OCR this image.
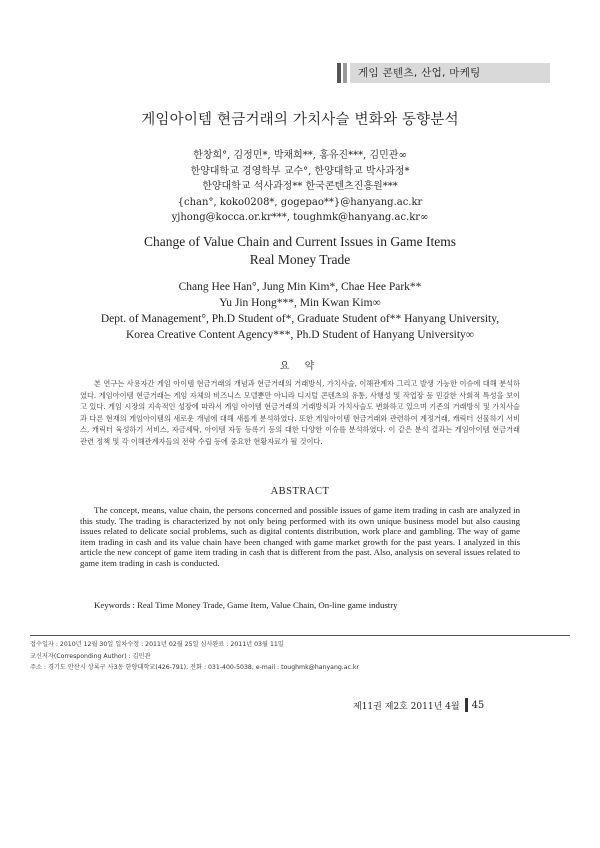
게임 콘텐츠, 산업, 마케팅
게임아이템 현금거래의 가치사슬 변화와 동향분석
한창희°, 김정민*, 박채희**, 홍유진***, 김민관∞
한양대학교 경영학부 교수°, 한양대학교 박사과정*
한양대학교 석사과정** 한국콘텐츠진흥원***
{chan°, koko0208*, gogepao**}@hanyang.ac.kr
yjhong@kocca.or.kr***, toughmk@hanyang.ac.kr∞
Change of Value Chain and Current Issues in Game Items
Real Money Trade
Chang Hee Han°, Jung Min Kim*, Chae Hee Park**
Yu Jin Hong***, Min Kwan Kim∞
Dept. of Management°, Ph.D Student of*, Graduate Student of** Hanyang University,
Korea Creative Content Agency***, Ph.D Student of Hanyang University∞
요 약

본 연구는 사용자간 게임 아이템 현금거래의 개념과 현금거래의 거래방식, 가치사슬, 이해관계자 그리고 발생 가능한 이슈에 대해 분석하였다. 게임아이템 현금거래는 게임 자체의 비즈니스 모델뿐만 아니라 디지털 콘텐츠의 유통, 사행성 및 작업장 등 민감한 사회적 특성을 보이고 있다. 게임 시장의 지속적인 성장에 따라서 게임 아이템 현금거래의 거래방식과 가치사슬도 변화하고 있으며 기존의 거래방식 및 가치사슬과 다른 현재의 게임아이템의 새로운 개념에 대해 새롭게 분석하였다. 또한 게임아이템 현금거래와 관련하여 계정거래, 캐릭터 선물하기 서비스, 캐릭터 육성하기 서비스, 자금세탁, 아이템 자동 등록기 등의 대한 다양한 이슈를 분석하였다. 이 같은 분석 결과는 게임아이템 현금거래 관련 정책 및 각 이해관계자들의 전략 수립 등에 중요한 현황자료가 될 것이다.

ABSTRACT

The concept, means, value chain, the persons concerned and possible issues of game item trading in cash are analyzed in this study. The trading is characterized by not only being performed with its own unique business model but also causing issues related to delicate social problems, such as digital contents distribution, work place and gambling. The way of game item trading in cash and its value chain have been changed with game market growth for the past years. I analyzed in this article the new concept of game item trading in cash that is different from the past. Also, analysis on several issues related to game item trading in cash is conducted.

Keywords : Real Time Money Trade, Game Item, Value Chain, On-line game industry
접수일자 : 2010년 12월 30일 일차수정 : 2011년 02월 25일 심사완료 : 2011년 03월 11일
교신저자(Corresponding Author) : 김민관
주소 : 경기도 안산시 상록구 사3동 한양대학교(426-791), 전화 : 031-400-5038, e-mail : toughmk@hanyang.ac.kr
제11권 제2호 2011년 4월 45
